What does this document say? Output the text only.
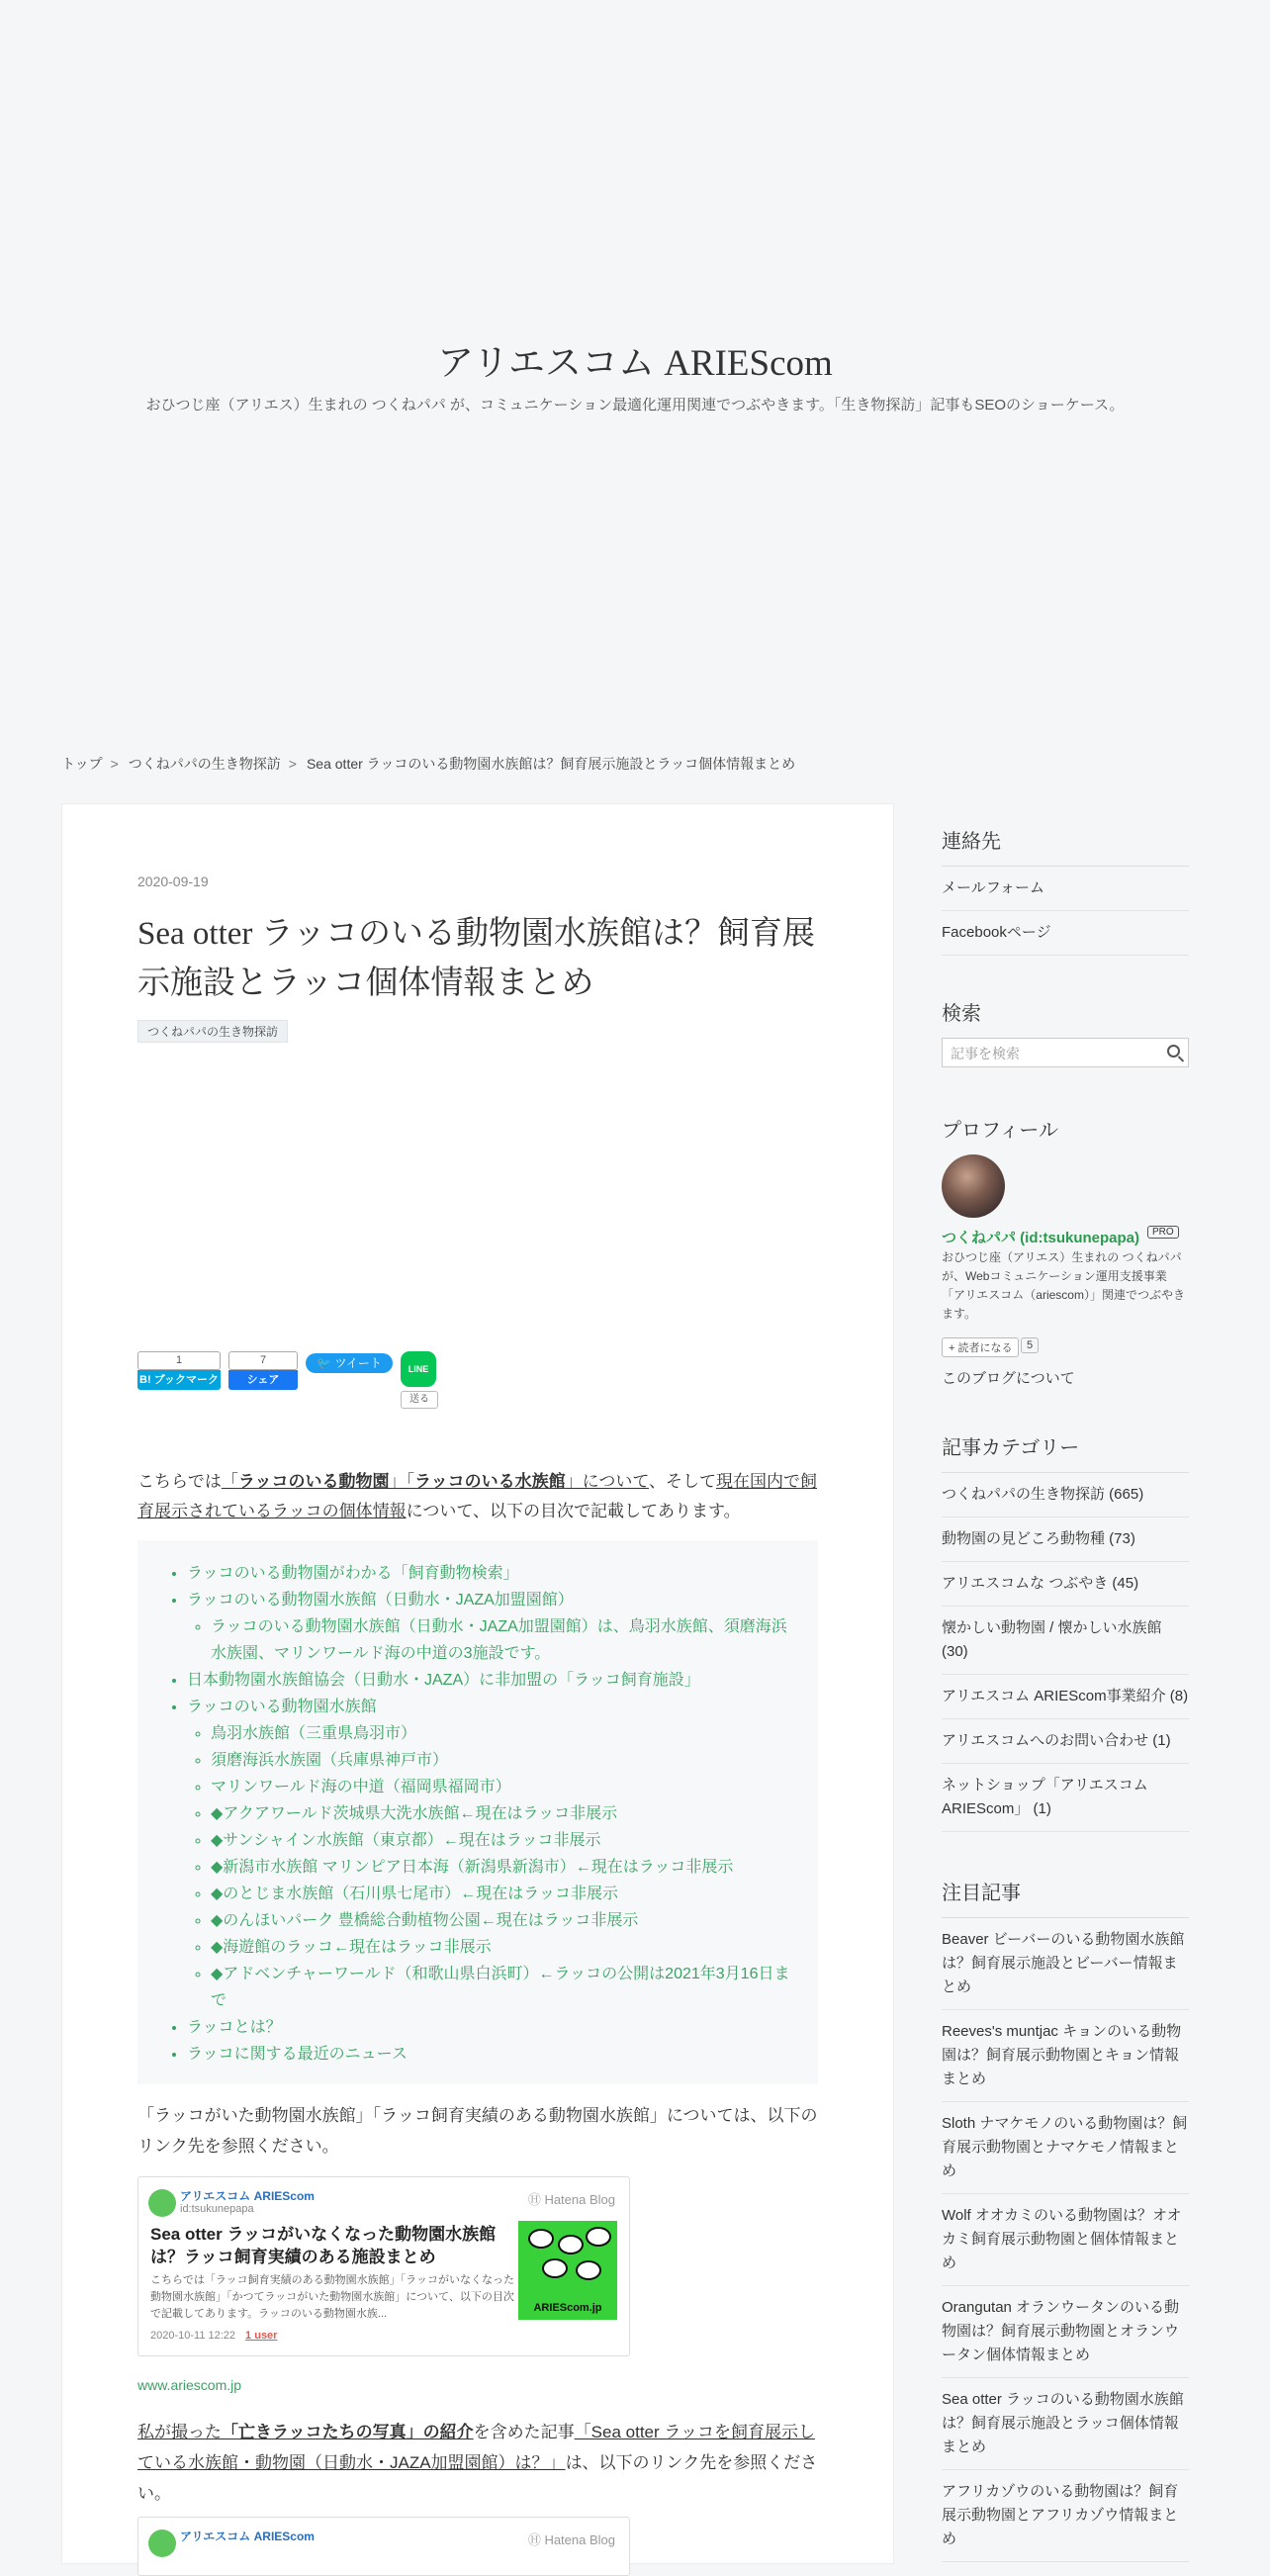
アリエスコム ARIEScom
おひつじ座（アリエス）生まれの つくねパパ が、コミュニケーション最適化運用関連でつぶやきます。「生き物探訪」記事もSEOのショーケース。
トップ > つくねパパの生き物探訪 > Sea otter ラッコのいる動物園水族館は？飼育展示施設とラッコ個体情報まとめ
2020-09-19
Sea otter ラッコのいる動物園水族館は？飼育展示施設とラッコ個体情報まとめ
つくねパパの生き物探訪
1
B! ブックマーク
7
シェア
🐦 ツイート	LINE
送る
こちらでは「ラッコのいる動物園」「ラッコのいる水族館」について、そして現在国内で飼育展示されているラッコの個体情報について、以下の目次で記載してあります。
• ラッコのいる動物園がわかる「飼育動物検索」
• ラッコのいる動物園水族館（日動水・JAZA加盟園館）
◦ ラッコのいる動物園水族館（日動水・JAZA加盟園館）は、鳥羽水族館、須磨海浜水族園、マリンワールド海の中道の3施設です。
• 日本動物園水族館協会（日動水・JAZA）に非加盟の「ラッコ飼育施設」
• ラッコのいる動物園水族館
◦ 鳥羽水族館（三重県鳥羽市）
◦ 須磨海浜水族園（兵庫県神戸市）
◦ マリンワールド海の中道（福岡県福岡市）
◦ ◆アクアワールド茨城県大洗水族館←現在はラッコ非展示
◦ ◆サンシャイン水族館（東京都）←現在はラッコ非展示
◦ ◆新潟市水族館 マリンピア日本海（新潟県新潟市）←現在はラッコ非展示
◦ ◆のとじま水族館（石川県七尾市）←現在はラッコ非展示
◦ ◆のんほいパーク 豊橋総合動植物公園←現在はラッコ非展示
◦ ◆海遊館のラッコ←現在はラッコ非展示
◦ ◆アドベンチャーワールド（和歌山県白浜町）←ラッコの公開は2021年3月16日まで
• ラッコとは？
• ラッコに関する最近のニュース
「ラッコがいた動物園水族館」「ラッコ飼育実績のある動物園水族館」については、以下のリンク先を参照ください。
アリエスコム ARIEScom
id:tsukunepapa
Ⓗ Hatena Blog
Sea otter ラッコがいなくなった動物園水族館は？ラッコ飼育実績のある施設まとめ
こちらでは「ラッコ飼育実績のある動物園水族館」「ラッコがいなくなった動物園水族館」「かつてラッコがいた動物園水族館」について、以下の目次で記載してあります。ラッコのいる動物園水族...
2020-10-11 12:22 1 user
ARIEScom.jp
www.ariescom.jp
私が撮った「亡きラッコたちの写真」の紹介を含めた記事「Sea otter ラッコを飼育展示している水族館・動物園（日動水・JAZA加盟園館）は？」は、以下のリンク先を参照ください。
アリエスコム ARIEScom	Ⓗ Hatena Blog
連絡先
メールフォーム
Facebookページ
検索
記事を検索
プロフィール
つくねパパ (id:tsukunepapa)	PRO
おひつじ座（アリエス）生まれの つくねパパ が、Webコミュニケーション運用支援事業「アリエスコム（ariescom）」関連でつぶやきます。
+ 読者になる	5
このブログについて
記事カテゴリー
つくねパパの生き物探訪 (665)
動物園の見どころ動物種 (73)
アリエスコムな つぶやき (45)
懐かしい動物園 / 懐かしい水族館 (30)
アリエスコム ARIEScom事業紹介 (8)
アリエスコムへのお問い合わせ (1)
ネットショップ「アリエスコム ARIEScom」 (1)
注目記事
Beaver ビーバーのいる動物園水族館は？飼育展示施設とビーバー情報まとめ
Reeves's muntjac キョンのいる動物園は？飼育展示動物園とキョン情報まとめ
Sloth ナマケモノのいる動物園は？飼育展示動物園とナマケモノ情報まとめ
Wolf オオカミのいる動物園は？オオカミ飼育展示動物園と個体情報まとめ
Orangutan オランウータンのいる動物園は？飼育展示動物園とオランウータン個体情報まとめ
Sea otter ラッコのいる動物園水族館は？飼育展示施設とラッコ個体情報まとめ
アフリカゾウのいる動物園は？飼育展示動物園とアフリカゾウ情報まとめ
